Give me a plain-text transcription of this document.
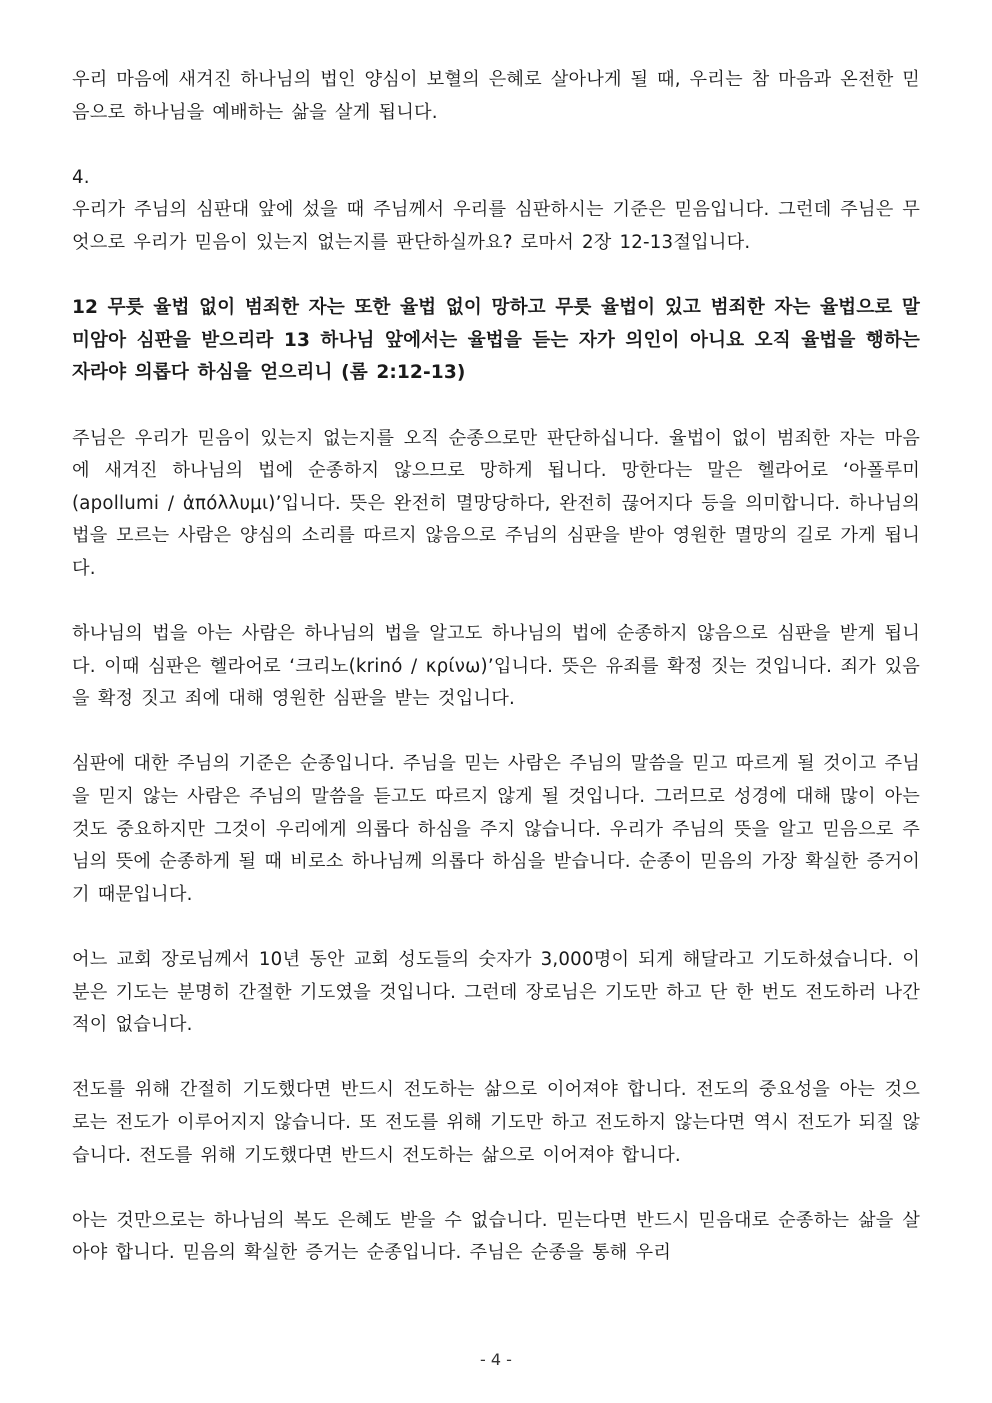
우리 마음에 새겨진 하나님의 법인 양심이 보혈의 은혜로 살아나게 될 때, 우리는 참 마음과 온전한 믿음으로 하나님을 예배하는 삶을 살게 됩니다.

4.

우리가 주님의 심판대 앞에 섰을 때 주님께서 우리를 심판하시는 기준은 믿음입니다. 그런데 주님은 무엇으로 우리가 믿음이 있는지 없는지를 판단하실까요? 로마서 2장 12-13절입니다.

12 무릇 율법 없이 범죄한 자는 또한 율법 없이 망하고 무릇 율법이 있고 범죄한 자는 율법으로 말미암아 심판을 받으리라 13 하나님 앞에서는 율법을 듣는 자가 의인이 아니요 오직 율법을 행하는 자라야 의롭다 하심을 얻으리니 (롬 2:12-13)

주님은 우리가 믿음이 있는지 없는지를 오직 순종으로만 판단하십니다. 율법이 없이 범죄한 자는 마음에 새겨진 하나님의 법에 순종하지 않으므로 망하게 됩니다. 망한다는 말은 헬라어로 ‘아폴루미(apollumi / ἀπόλλυμι)’입니다. 뜻은 완전히 멸망당하다, 완전히 끊어지다 등을 의미합니다. 하나님의 법을 모르는 사람은 양심의 소리를 따르지 않음으로 주님의 심판을 받아 영원한 멸망의 길로 가게 됩니다.

하나님의 법을 아는 사람은 하나님의 법을 알고도 하나님의 법에 순종하지 않음으로 심판을 받게 됩니다. 이때 심판은 헬라어로 ‘크리노(krinó / κρίνω)’입니다. 뜻은 유죄를 확정 짓는 것입니다. 죄가 있음을 확정 짓고 죄에 대해 영원한 심판을 받는 것입니다.

심판에 대한 주님의 기준은 순종입니다. 주님을 믿는 사람은 주님의 말씀을 믿고 따르게 될 것이고 주님을 믿지 않는 사람은 주님의 말씀을 듣고도 따르지 않게 될 것입니다. 그러므로 성경에 대해 많이 아는 것도 중요하지만 그것이 우리에게 의롭다 하심을 주지 않습니다. 우리가 주님의 뜻을 알고 믿음으로 주님의 뜻에 순종하게 될 때 비로소 하나님께 의롭다 하심을 받습니다. 순종이 믿음의 가장 확실한 증거이기 때문입니다.

어느 교회 장로님께서 10년 동안 교회 성도들의 숫자가 3,000명이 되게 해달라고 기도하셨습니다. 이 분은 기도는 분명히 간절한 기도였을 것입니다. 그런데 장로님은 기도만 하고 단 한 번도 전도하러 나간 적이 없습니다.

전도를 위해 간절히 기도했다면 반드시 전도하는 삶으로 이어져야 합니다. 전도의 중요성을 아는 것으로는 전도가 이루어지지 않습니다. 또 전도를 위해 기도만 하고 전도하지 않는다면 역시 전도가 되질 않습니다. 전도를 위해 기도했다면 반드시 전도하는 삶으로 이어져야 합니다.

아는 것만으로는 하나님의 복도 은혜도 받을 수 없습니다. 믿는다면 반드시 믿음대로 순종하는 삶을 살아야 합니다. 믿음의 확실한 증거는 순종입니다. 주님은 순종을 통해 우리

- 4 -
